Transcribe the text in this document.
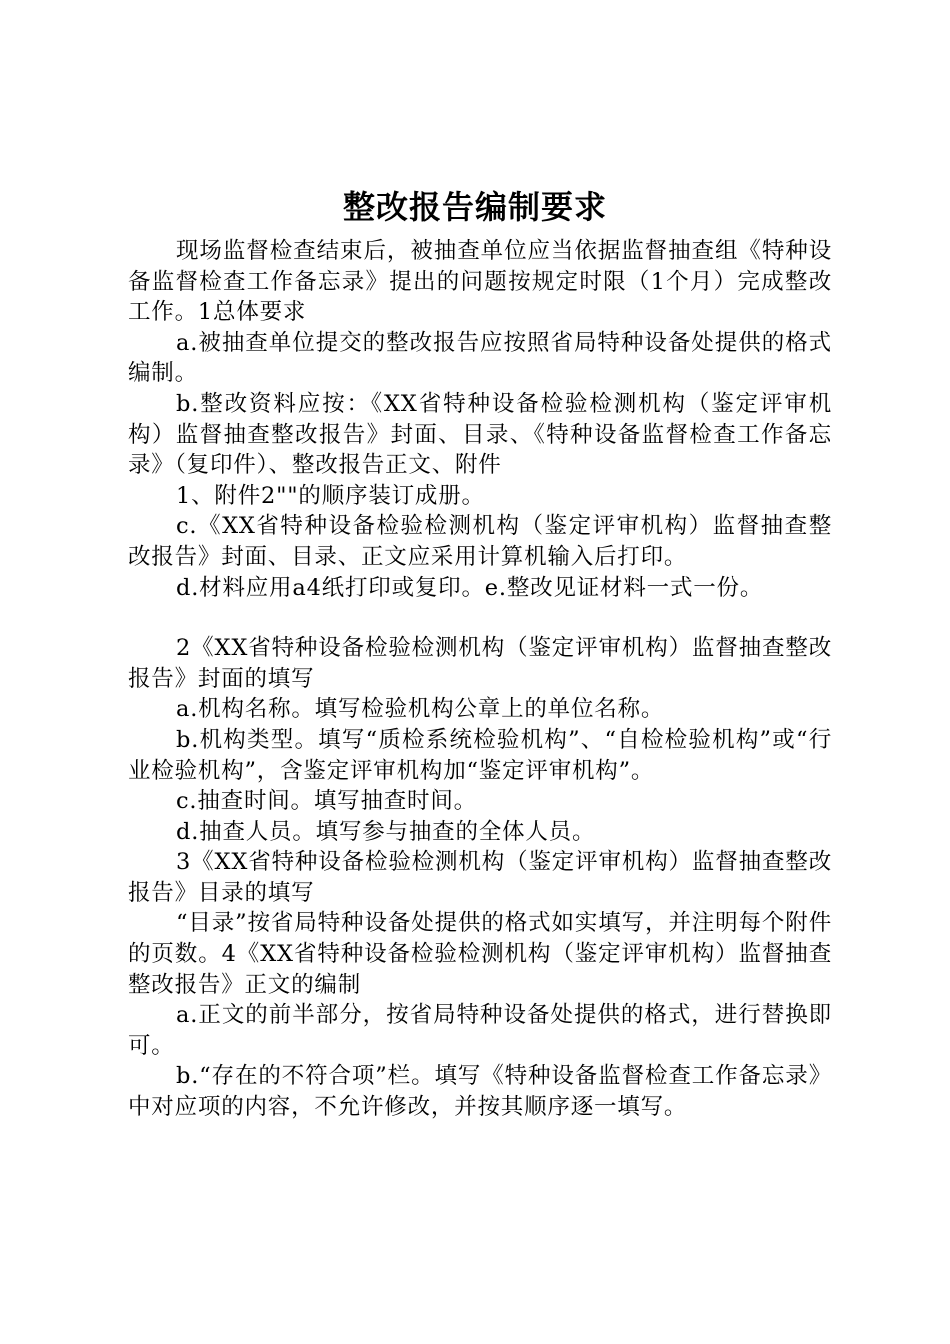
整改报告编制要求

现场监督检查结束后，被抽查单位应当依据监督抽查组《特种设备监督检查工作备忘录》提出的问题按规定时限（1个月）完成整改工作。1总体要求

a.被抽查单位提交的整改报告应按照省局特种设备处提供的格式编制。

b.整改资料应按：《XX省特种设备检验检测机构（鉴定评审机构）监督抽查整改报告》封面、目录、《特种设备监督检查工作备忘录》（复印件）、整改报告正文、附件

1、附件2""的顺序装订成册。

c.《XX省特种设备检验检测机构（鉴定评审机构）监督抽查整改报告》封面、目录、正文应采用计算机输入后打印。

d.材料应用a4纸打印或复印。e.整改见证材料一式一份。

2《XX省特种设备检验检测机构（鉴定评审机构）监督抽查整改报告》封面的填写

a.机构名称。填写检验机构公章上的单位名称。

b.机构类型。填写“质检系统检验机构”、“自检检验机构”或“行业检验机构”，含鉴定评审机构加“鉴定评审机构”。

c.抽查时间。填写抽查时间。

d.抽查人员。填写参与抽查的全体人员。

3《XX省特种设备检验检测机构（鉴定评审机构）监督抽查整改报告》目录的填写

“目录”按省局特种设备处提供的格式如实填写，并注明每个附件的页数。4《XX省特种设备检验检测机构（鉴定评审机构）监督抽查整改报告》正文的编制

a.正文的前半部分，按省局特种设备处提供的格式，进行替换即可。

b.“存在的不符合项”栏。填写《特种设备监督检查工作备忘录》中对应项的内容，不允许修改，并按其顺序逐一填写。
